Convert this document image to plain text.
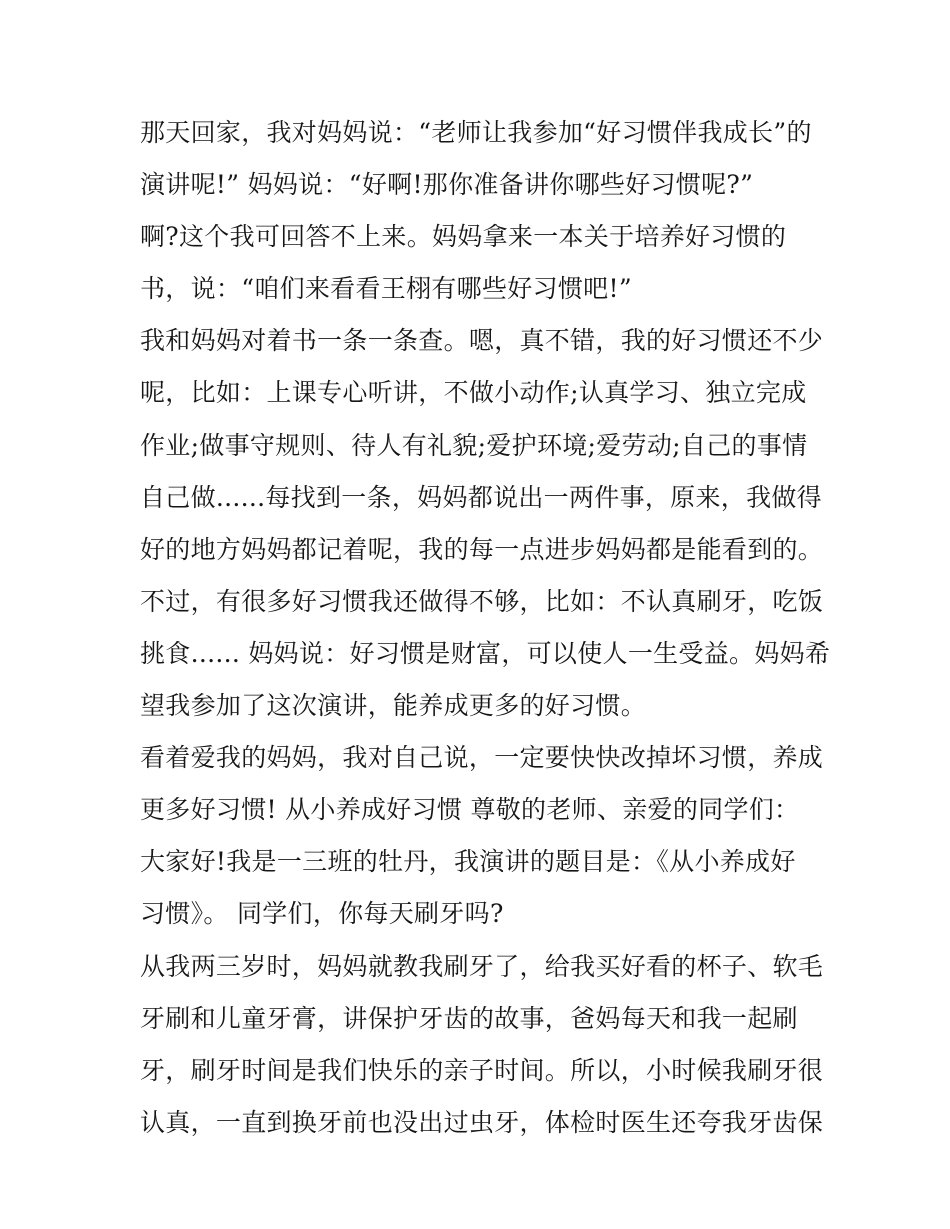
那天回家，我对妈妈说：“老师让我参加“好习惯伴我成长”的
演讲呢!” 妈妈说：“好啊!那你准备讲你哪些好习惯呢?”
啊?这个我可回答不上来。妈妈拿来一本关于培养好习惯的
书，说：“咱们来看看王栩有哪些好习惯吧!”
我和妈妈对着书一条一条查。嗯，真不错，我的好习惯还不少
呢，比如：上课专心听讲，不做小动作;认真学习、独立完成
作业;做事守规则、待人有礼貌;爱护环境;爱劳动;自己的事情
自己做......每找到一条，妈妈都说出一两件事，原来，我做得
好的地方妈妈都记着呢，我的每一点进步妈妈都是能看到的。
不过，有很多好习惯我还做得不够，比如：不认真刷牙，吃饭
挑食...... 妈妈说：好习惯是财富，可以使人一生受益。妈妈希
望我参加了这次演讲，能养成更多的好习惯。
看着爱我的妈妈，我对自己说，一定要快快改掉坏习惯，养成
更多好习惯! 从小养成好习惯 尊敬的老师、亲爱的同学们：
大家好!我是一三班的牡丹，我演讲的题目是：《从小养成好
习惯》。 同学们，你每天刷牙吗?
从我两三岁时，妈妈就教我刷牙了，给我买好看的杯子、软毛
牙刷和儿童牙膏，讲保护牙齿的故事，爸妈每天和我一起刷
牙，刷牙时间是我们快乐的亲子时间。所以，小时候我刷牙很
认真，一直到换牙前也没出过虫牙，体检时医生还夸我牙齿保
